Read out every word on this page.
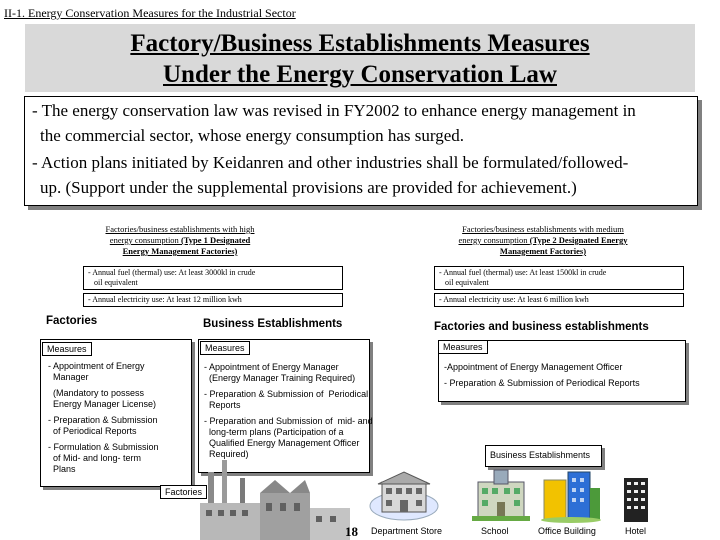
II-1. Energy Conservation Measures for the Industrial Sector
Factory/Business Establishments Measures
Under the Energy Conservation Law
- The energy conservation law was revised in FY2002 to enhance energy management in
the commercial sector, whose energy consumption has surged.
- Action plans initiated by Keidanren and other industries shall be formulated/followed-
up. (Support under the supplemental provisions are provided for achievement.)
Factories/business establishments with high
energy consumption (Type 1 Designated
Energy Management Factories)
- Annual fuel (thermal) use: At least 3000kl in crude
oil equivalent
- Annual electricity use: At least 12 million kwh
Factories/business establishments with medium
energy consumption (Type 2 Designated Energy
Management Factories)
- Annual fuel (thermal) use: At least 1500kl in crude
oil equivalent
- Annual electricity use: At least 6 million kwh
Factories	Business Establishments	Factories and business establishments
Measures
- Appointment of Energy
Manager

(Mandatory to possess
Energy Manager License)

- Preparation & Submission
of Periodical Reports

- Formulation & Submission
of Mid- and long- term
Plans
Measures
- Appointment of Energy Manager
(Energy Manager Training Required)

- Preparation & Submission of  Periodical
Reports

- Preparation and Submission of  mid- and
long-term plans (Participation of a
Qualified Energy Management Officer
Required)
Measures
-Appointment of Energy Management Officer

- Preparation & Submission of Periodical Reports
Business Establishments
Factories
18 Department Store	School	Office Building	Hotel
